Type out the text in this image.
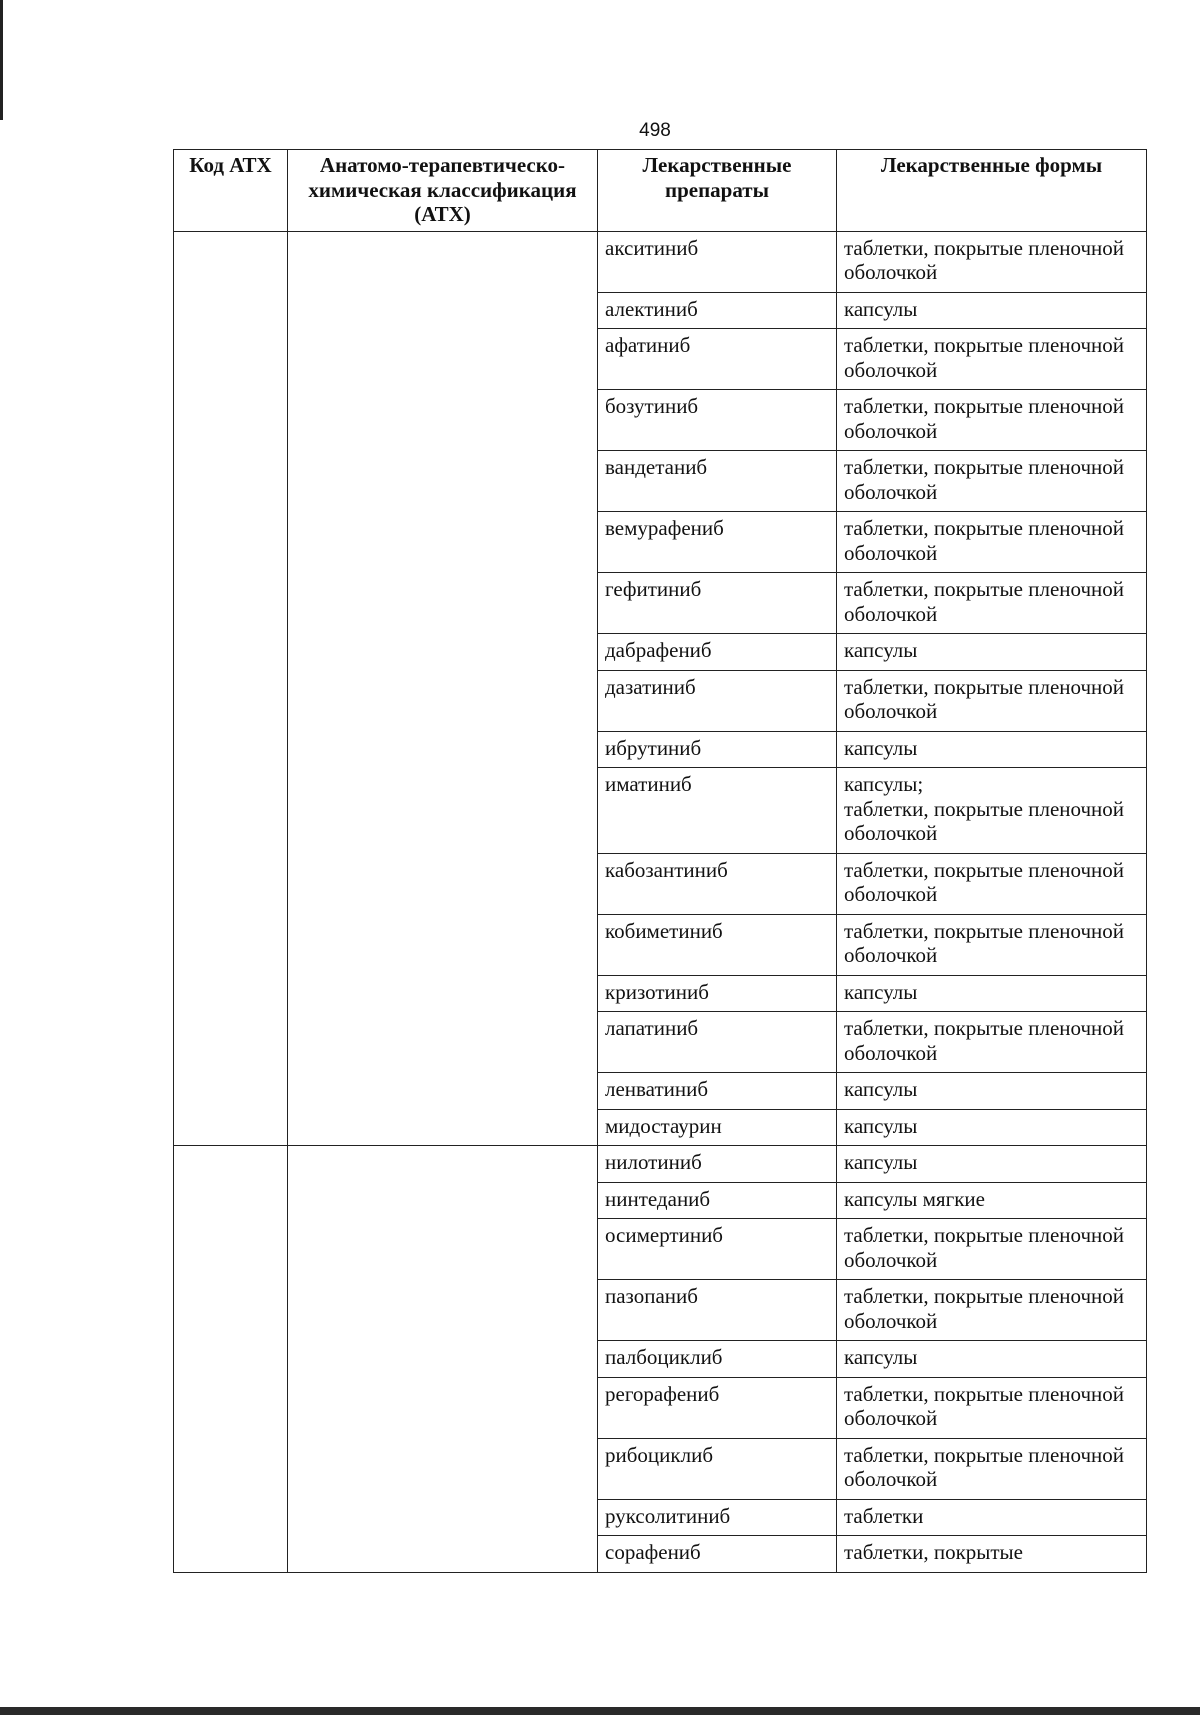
498
Код АТХ	Анатомо-терапевтическо-химическая классификация (АТХ)	Лекарственные препараты	Лекарственные формы
		акситиниб	таблетки, покрытые пленочной оболочкой
		алектиниб	капсулы
		афатиниб	таблетки, покрытые пленочной оболочкой
		бозутиниб	таблетки, покрытые пленочной оболочкой
		вандетаниб	таблетки, покрытые пленочной оболочкой
		вемурафениб	таблетки, покрытые пленочной оболочкой
		гефитиниб	таблетки, покрытые пленочной оболочкой
		дабрафениб	капсулы
		дазатиниб	таблетки, покрытые пленочной оболочкой
		ибрутиниб	капсулы
		иматиниб	капсулы;
таблетки, покрытые пленочной оболочкой
		кабозантиниб	таблетки, покрытые пленочной оболочкой
		кобиметиниб	таблетки, покрытые пленочной оболочкой
		кризотиниб	капсулы
		лапатиниб	таблетки, покрытые пленочной оболочкой
		ленватиниб	капсулы
		мидостаурин	капсулы
		нилотиниб	капсулы
		нинтеданиб	капсулы мягкие
		осимертиниб	таблетки, покрытые пленочной оболочкой
		пазопаниб	таблетки, покрытые пленочной оболочкой
		палбоциклиб	капсулы
		регорафениб	таблетки, покрытые пленочной оболочкой
		рибоциклиб	таблетки, покрытые пленочной оболочкой
		руксолитиниб	таблетки
		сорафениб	таблетки, покрытые
